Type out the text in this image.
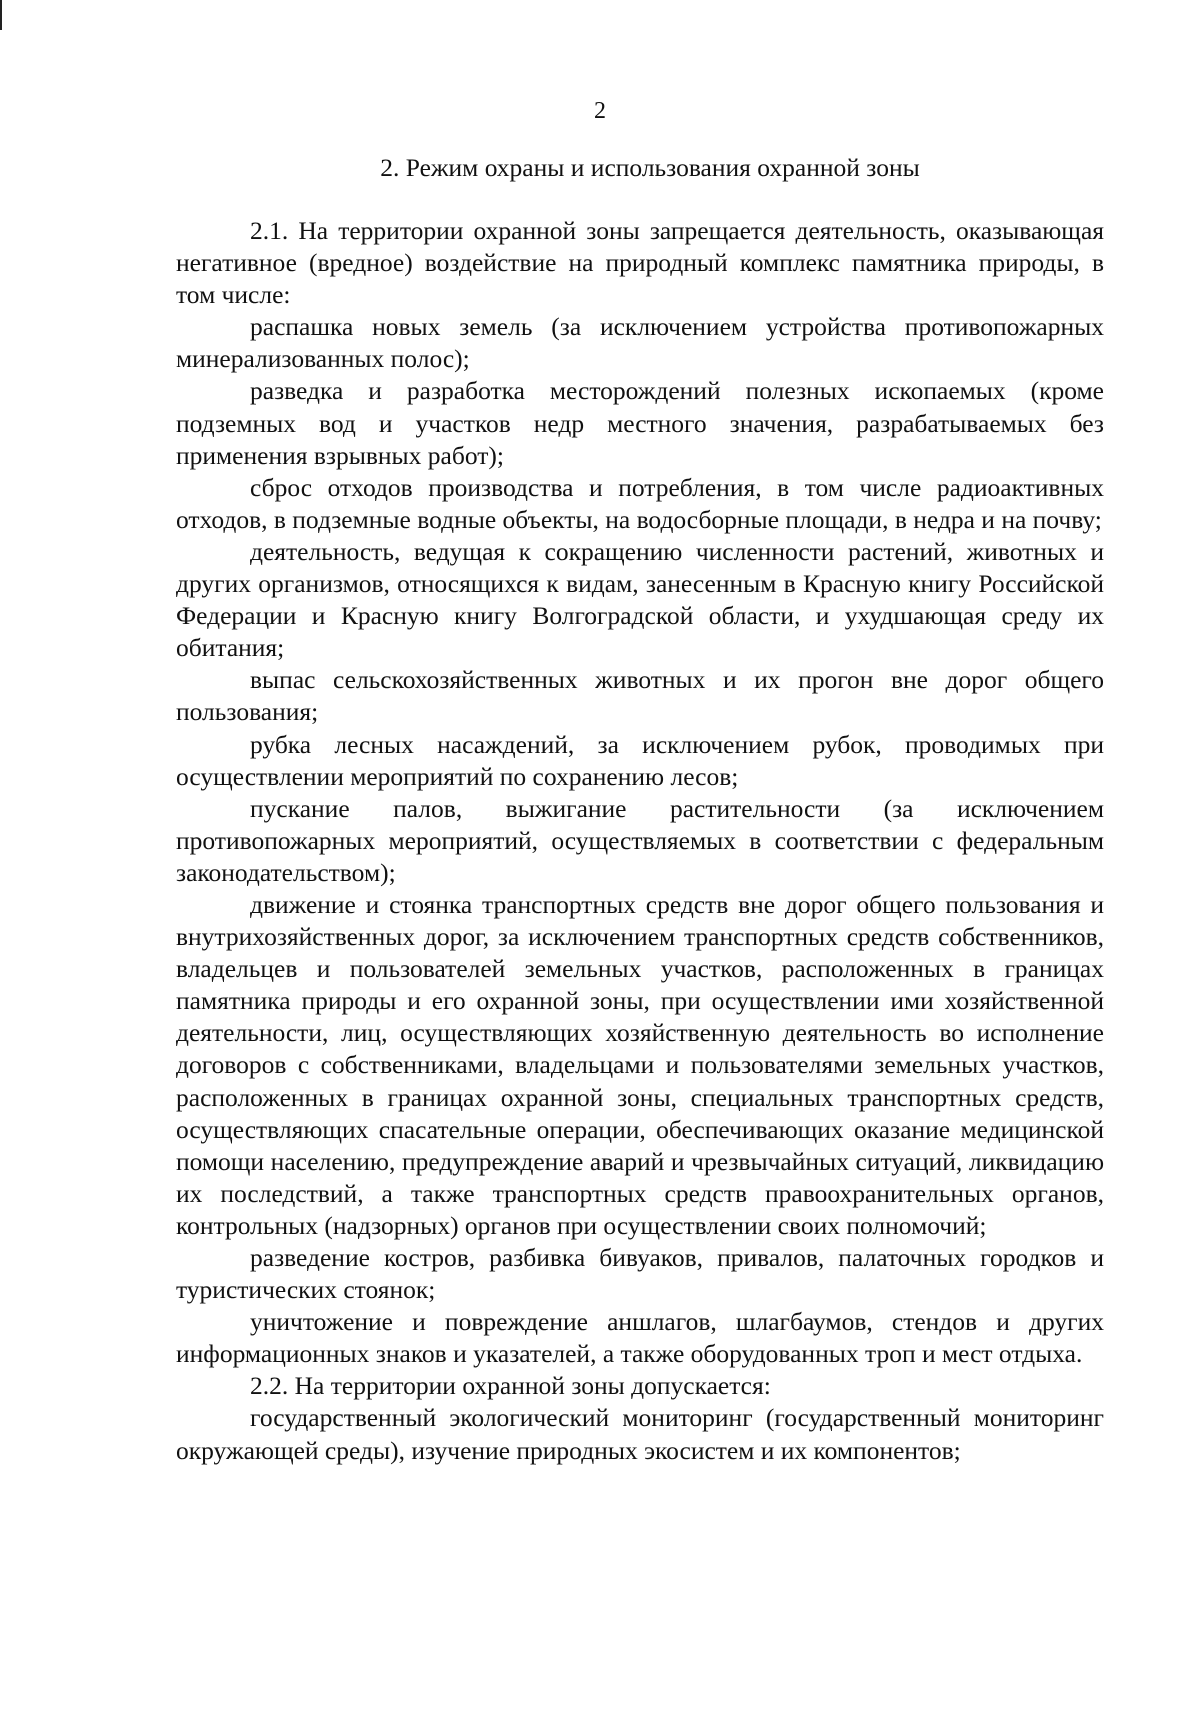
2
2. Режим охраны и использования охранной зоны

2.1. На территории охранной зоны запрещается деятельность, оказывающая негативное (вредное) воздействие на природный комплекс памятника природы, в том числе:

распашка новых земель (за исключением устройства противопожарных минерализованных полос);

разведка и разработка месторождений полезных ископаемых (кроме подземных вод и участков недр местного значения, разрабатываемых без применения взрывных работ);

сброс отходов производства и потребления, в том числе радиоактивных отходов, в подземные водные объекты, на водосборные площади, в недра и на почву;

деятельность, ведущая к сокращению численности растений, животных и других организмов, относящихся к видам, занесенным в Красную книгу Российской Федерации и Красную книгу Волгоградской области, и ухудшающая среду их обитания;

выпас сельскохозяйственных животных и их прогон вне дорог общего пользования;

рубка лесных насаждений, за исключением рубок, проводимых при осуществлении мероприятий по сохранению лесов;

пускание палов, выжигание растительности (за исключением противопожарных мероприятий, осуществляемых в соответствии с федеральным законодательством);

движение и стоянка транспортных средств вне дорог общего пользования и внутрихозяйственных дорог, за исключением транспортных средств собственников, владельцев и пользователей земельных участков, расположенных в границах памятника природы и его охранной зоны, при осуществлении ими хозяйственной деятельности, лиц, осуществляющих хозяйственную деятельность во исполнение договоров с собственниками, владельцами и пользователями земельных участков, расположенных в границах охранной зоны, специальных транспортных средств, осуществляющих спасательные операции, обеспечивающих оказание медицинской помощи населению, предупреждение аварий и чрезвычайных ситуаций, ликвидацию их последствий, а также транспортных средств правоохранительных органов, контрольных (надзорных) органов при осуществлении своих полномочий;

разведение костров, разбивка бивуаков, привалов, палаточных городков и туристических стоянок;

уничтожение и повреждение аншлагов, шлагбаумов, стендов и других информационных знаков и указателей, а также оборудованных троп и мест отдыха.

2.2. На территории охранной зоны допускается:

государственный экологический мониторинг (государственный мониторинг окружающей среды), изучение природных экосистем и их компонентов;
